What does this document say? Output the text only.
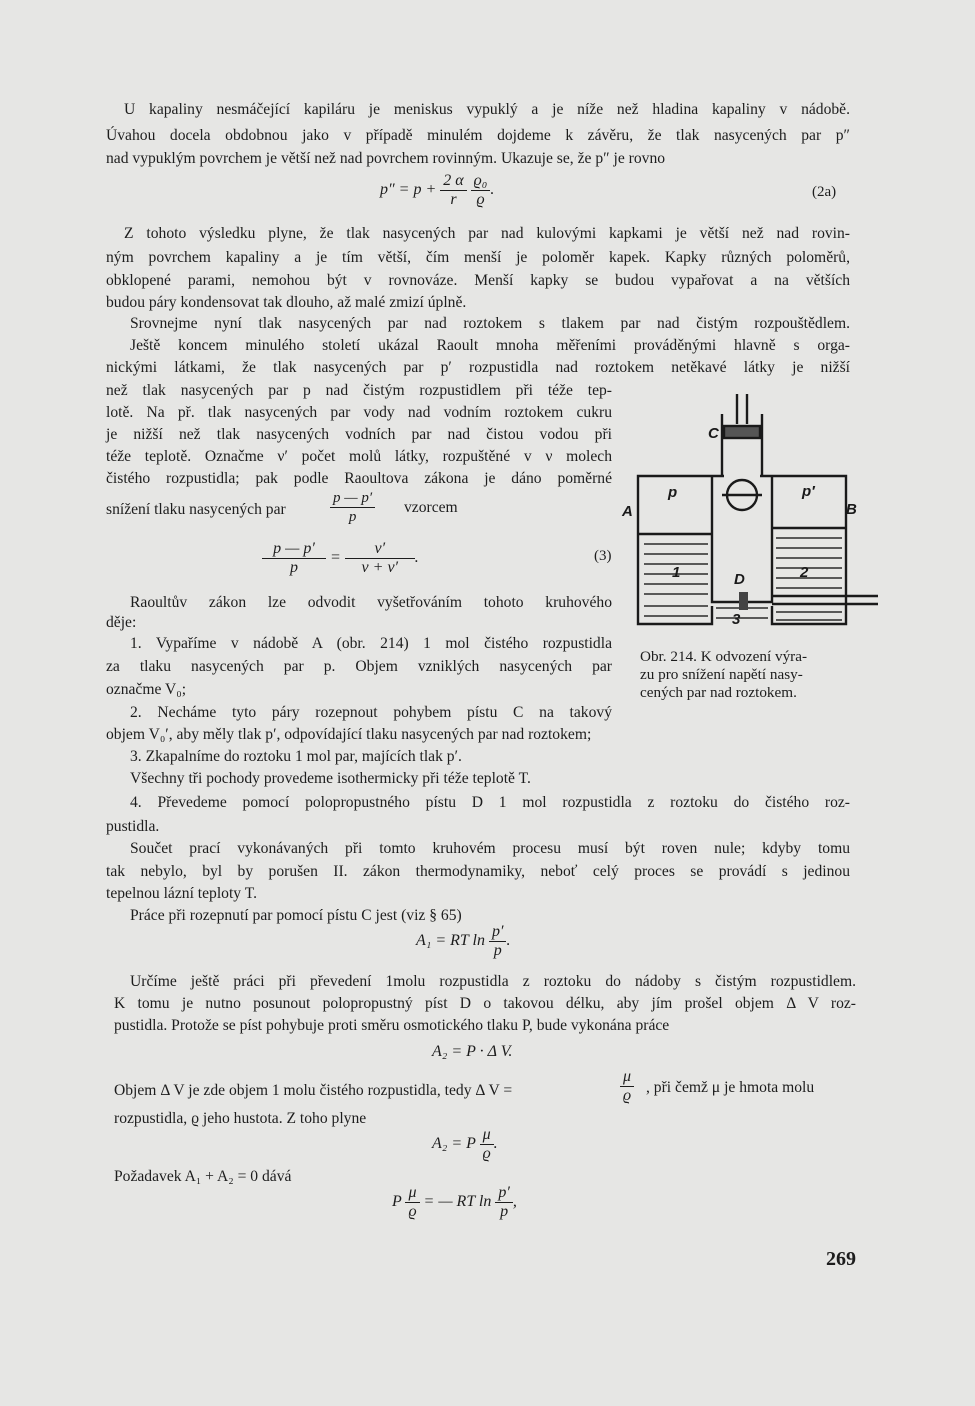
U kapaliny nesmáčející kapiláru je meniskus vypuklý a je níže než hladina kapaliny v nádobě.
Úvahou docela obdobnou jako v případě minulém dojdeme k závěru, že tlak nasycených par p″
nad vypuklým povrchem je větší než nad povrchem rovinným. Ukazuje se, že p″ je rovno
$p'' = p + \frac{2 \alpha}{r}$
$\frac{\text{ϱ₀}}{ϱ}$ .	(2a)
Z tohoto výsledku plyne, že tlak nasycených par nad kulovými kapkami je větší než nad rovin-
ným povrchem kapaliny a je tím větší, čím menší je poloměr kapek. Kapky různých poloměrů,
obklopené parami, nemohou být v rovnováze. Menší kapky se budou vypařovat a na větších
budou páry kondensovat tak dlouho, až malé zmizí úplně.
Srovnejme nyní tlak nasycených par nad roztokem s tlakem par nad čistým rozpouštědlem.
Ještě koncem minulého století ukázal Raoult mnoha měřeními prováděnými hlavně s orga-
nickými látkami, že tlak nasycených par p′ rozpustidla nad roztokem netěkavé látky je nižší
než tlak nasycených par p nad čistým rozpustidlem při téže tep-
lotě. Na př. tlak nasycených par vody nad vodním roztokem cukru
je nižší než tlak nasycených vodních par nad čistou vodou při
téže teplotě. Označme ν′ počet molů látky, rozpuštěné v ν molech
čistého rozpustidla; pak podle Raoultova zákona je dáno poměrné
snížení tlaku nasycených par	$\frac{p — p'}{p}$ vzorcem
$\frac{p — p'}{p} = \frac{\nu'}{\nu + \nu'}$ .	(3)
Raoultův zákon lze odvodit vyšetřováním tohoto kruhového
děje:
1. Vypaříme v nádobě A (obr. 214) 1 mol čistého rozpustidla
za tlaku nasycených par p. Objem vzniklých nasycených par
označme V₀;
2. Necháme tyto páry rozepnout pohybem pístu C na takový
objem V₀′, aby měly tlak p′, odpovídající tlaku nasycených par nad roztokem;
3. Zkapalníme do roztoku 1 mol par, majících tlak p′.
Všechny tři pochody provedeme isothermicky při téže teplotě T.
4. Převedeme pomocí polopropustného pístu D 1 mol rozpustidla z roztoku do čistého roz-
pustidla.
Součet prací vykonávaných při tomto kruhovém procesu musí být roven nule; kdyby tomu
tak nebylo, byl by porušen II. zákon thermodynamiky, neboť celý proces se provádí s jedinou
tepelnou lázní teploty T.
Práce při rozepnutí par pomocí pístu C jest (viz § 65)
A₁ = RT $\ln \frac{p'}{p}$ .
Určíme ještě práci při převedení 1molu rozpustidla z roztoku do nádoby s čistým rozpustidlem.
K tomu je nutno posunout polopropustný píst D o takovou délku, aby jím prošel objem Δ V roz-
pustidla. Protože se píst pohybuje proti směru osmotického tlaku P, bude vykonána práce
A₂ = P · Δ V.
Objem Δ V je zde objem 1 molu čistého rozpustidla, tedy Δ V =	$\frac{\mu}{ϱ}$ , při čemž μ je hmota molu
rozpustidla, ϱ jeho hustota. Z toho plyne
A₂ = P $\frac{\mu}{ϱ}$ .
Požadavek A₁ + A₂ = 0 dává
P $\frac{\mu}{ϱ}$ = — RT $\ln \frac{p'}{p}$ ,
269
C
p	p′
A	B
D
1	2
3
Obr. 214. K odvození výra-
zu pro snížení napětí nasy-
cených par nad roztokem.
